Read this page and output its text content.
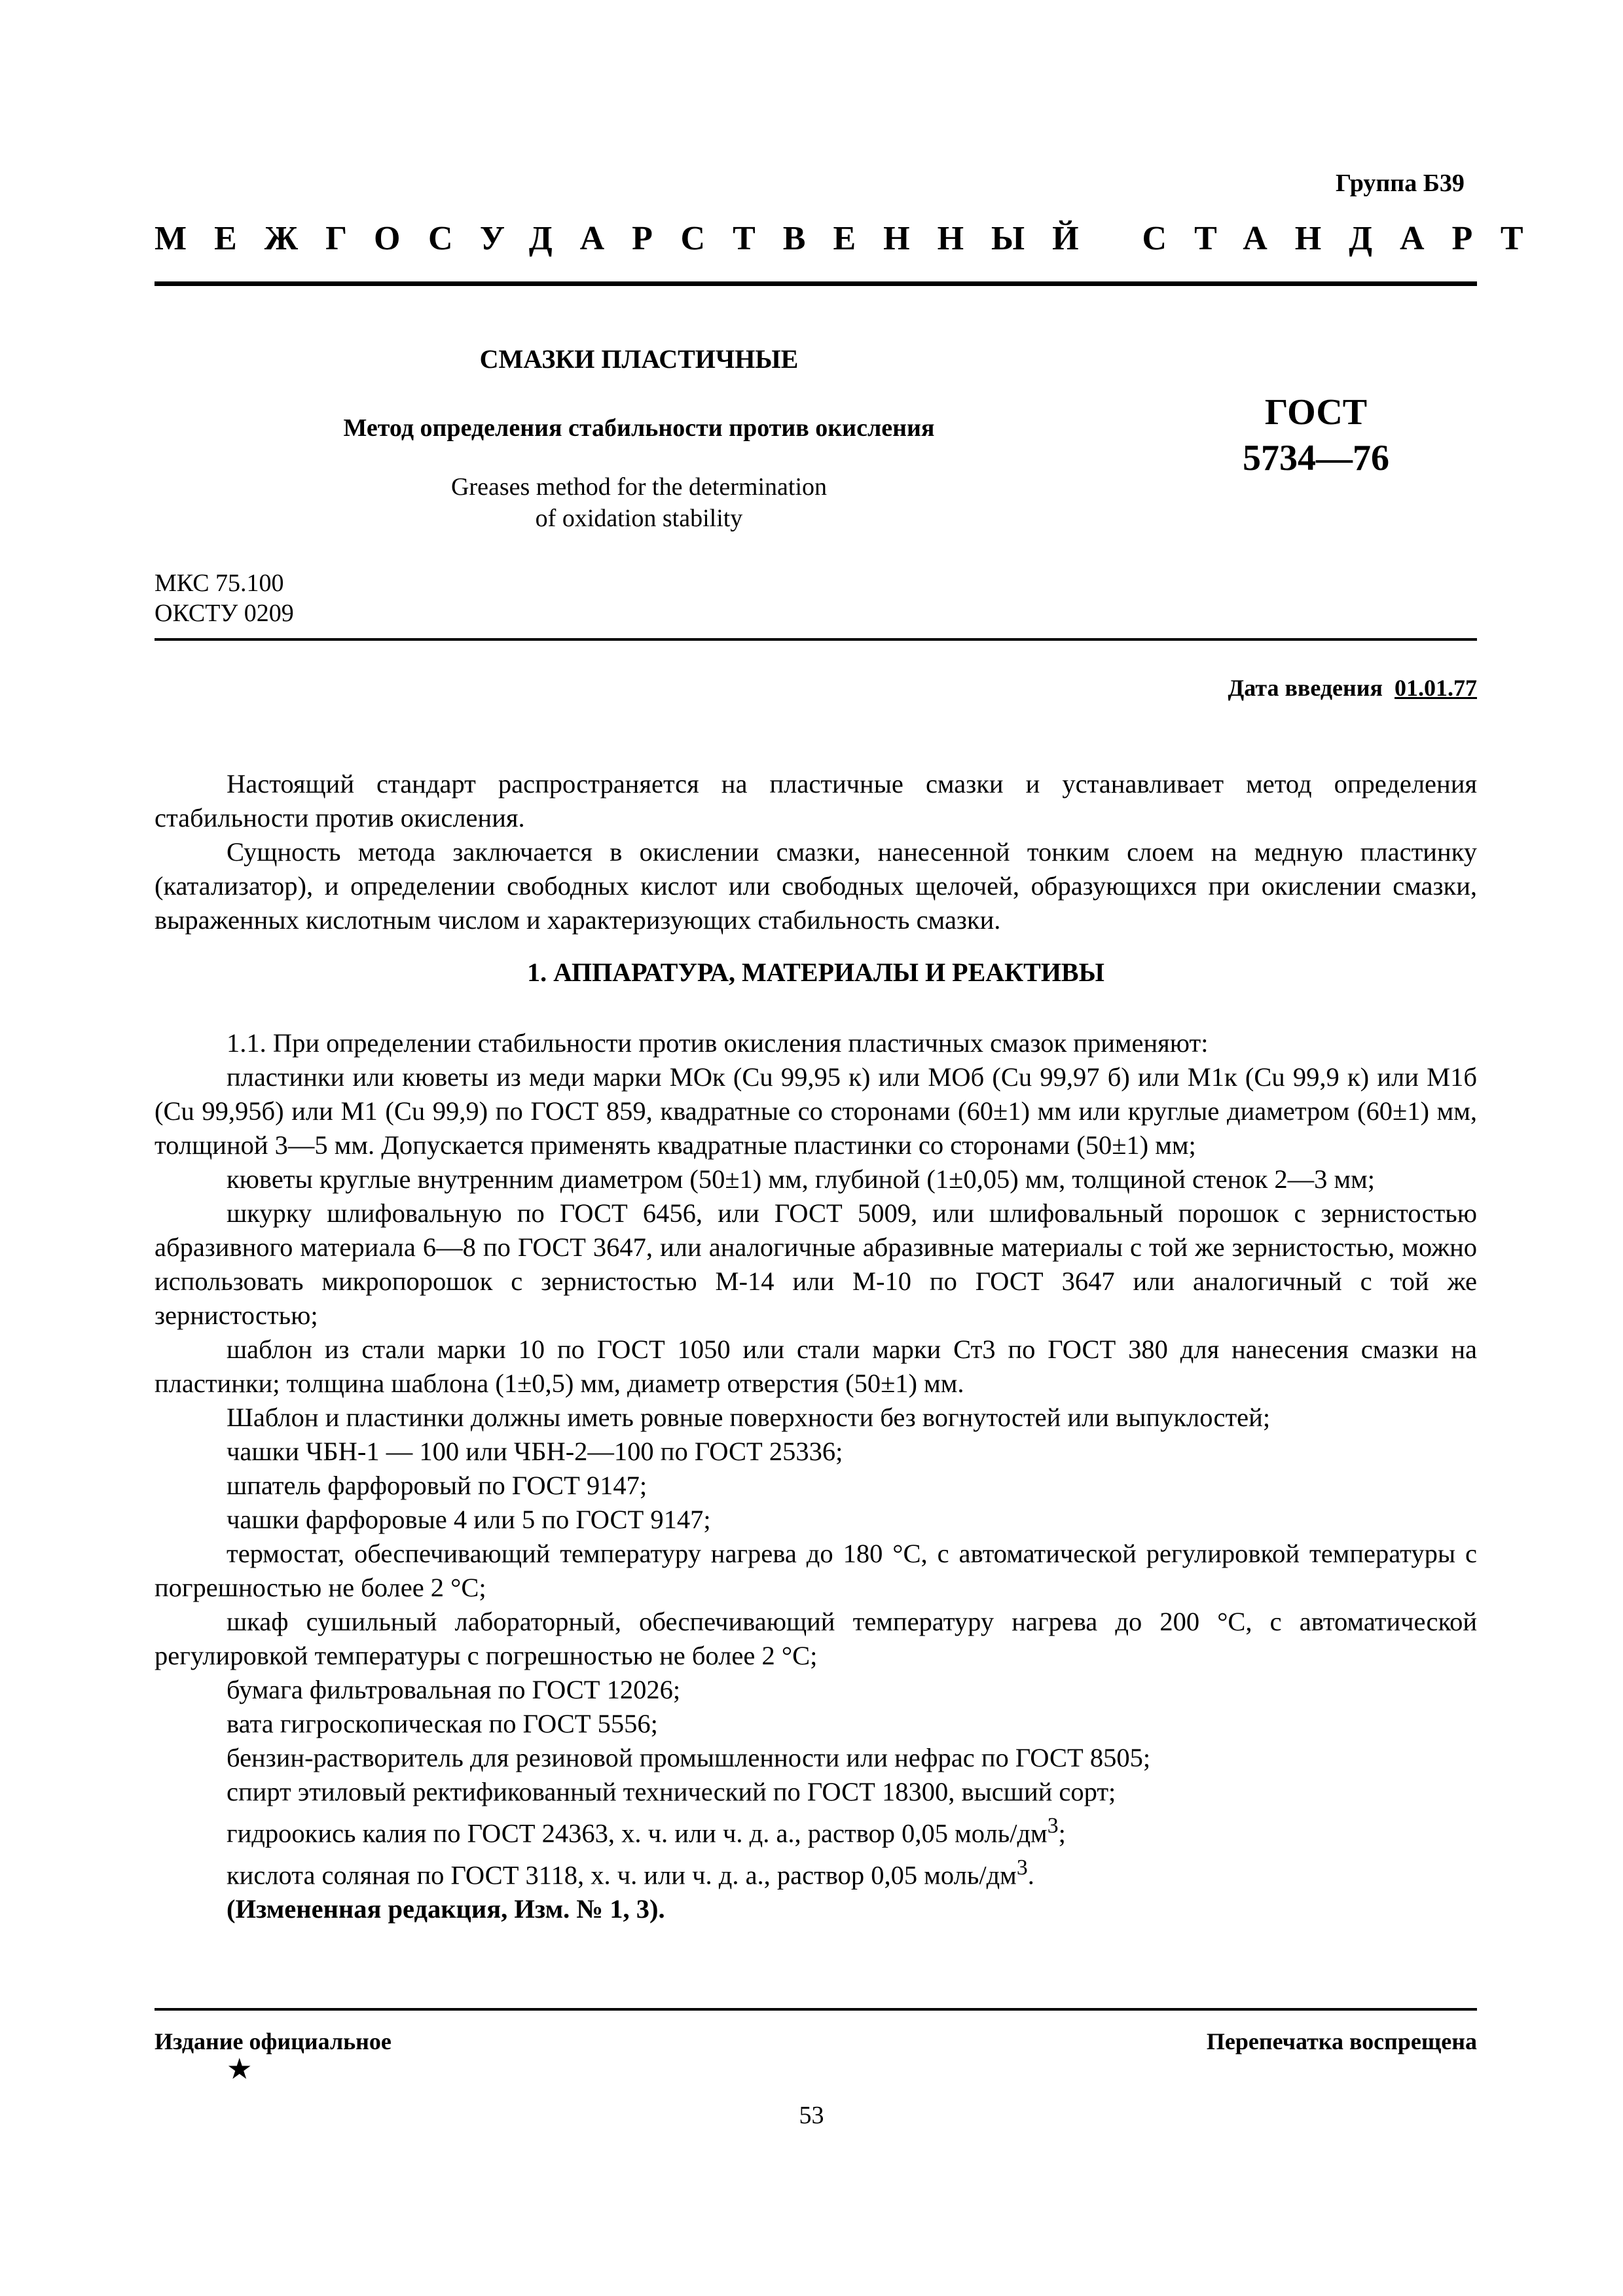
Группа Б39
МЕЖГОСУДАРСТВЕННЫЙ СТАНДАРТ
СМАЗКИ ПЛАСТИЧНЫЕ
Метод определения стабильности против окисления
Greases method for the determination
of oxidation stability
ГОСТ
5734—76
МКС 75.100
ОКСТУ 0209
Дата введения 01.01.77

Настоящий стандарт распространяется на пластичные смазки и устанавливает метод определения стабильности против окисления.

Сущность метода заключается в окислении смазки, нанесенной тонким слоем на медную пластинку (катализатор), и определении свободных кислот или свободных щелочей, образующихся при окислении смазки, выраженных кислотным числом и характеризующих стабильность смазки.

1. АППАРАТУРА, МАТЕРИАЛЫ И РЕАКТИВЫ

1.1. При определении стабильности против окисления пластичных смазок применяют:

пластинки или кюветы из меди марки МОк (Cu 99,95 к) или МОб (Cu 99,97 б) или М1к (Cu 99,9 к) или М1б (Cu 99,95б) или М1 (Cu 99,9) по ГОСТ 859, квадратные со сторонами (60±1) мм или круглые диаметром (60±1) мм, толщиной 3—5 мм. Допускается применять квадратные пластинки со сторонами (50±1) мм;

кюветы круглые внутренним диаметром (50±1) мм, глубиной (1±0,05) мм, толщиной стенок 2—3 мм;

шкурку шлифовальную по ГОСТ 6456, или ГОСТ 5009, или шлифовальный порошок с зернистостью абразивного материала 6—8 по ГОСТ 3647, или аналогичные абразивные материалы с той же зернистостью, можно использовать микропорошок с зернистостью М-14 или М-10 по ГОСТ 3647 или аналогичный с той же зернистостью;

шаблон из стали марки 10 по ГОСТ 1050 или стали марки Ст3 по ГОСТ 380 для нанесения смазки на пластинки; толщина шаблона (1±0,5) мм, диаметр отверстия (50±1) мм.

Шаблон и пластинки должны иметь ровные поверхности без вогнутостей или выпуклостей;

чашки ЧБН-1 — 100 или ЧБН-2—100 по ГОСТ 25336;

шпатель фарфоровый по ГОСТ 9147;

чашки фарфоровые 4 или 5 по ГОСТ 9147;

термостат, обеспечивающий температуру нагрева до 180 °С, с автоматической регулировкой температуры с погрешностью не более 2 °С;

шкаф сушильный лабораторный, обеспечивающий температуру нагрева до 200 °С, с автоматической регулировкой температуры с погрешностью не более 2 °С;

бумага фильтровальная по ГОСТ 12026;

вата гигроскопическая по ГОСТ 5556;

бензин-растворитель для резиновой промышленности или нефрас по ГОСТ 8505;

спирт этиловый ректификованный технический по ГОСТ 18300, высший сорт;

гидроокись калия по ГОСТ 24363, х. ч. или ч. д. а., раствор 0,05 моль/$дм^3$;

кислота соляная по ГОСТ 3118, х. ч. или ч. д. а., раствор 0,05 моль/$дм^3$.

(Измененная редакция, Изм. № 1, 3).

Издание официальное	Перепечатка воспрещена
★
53
